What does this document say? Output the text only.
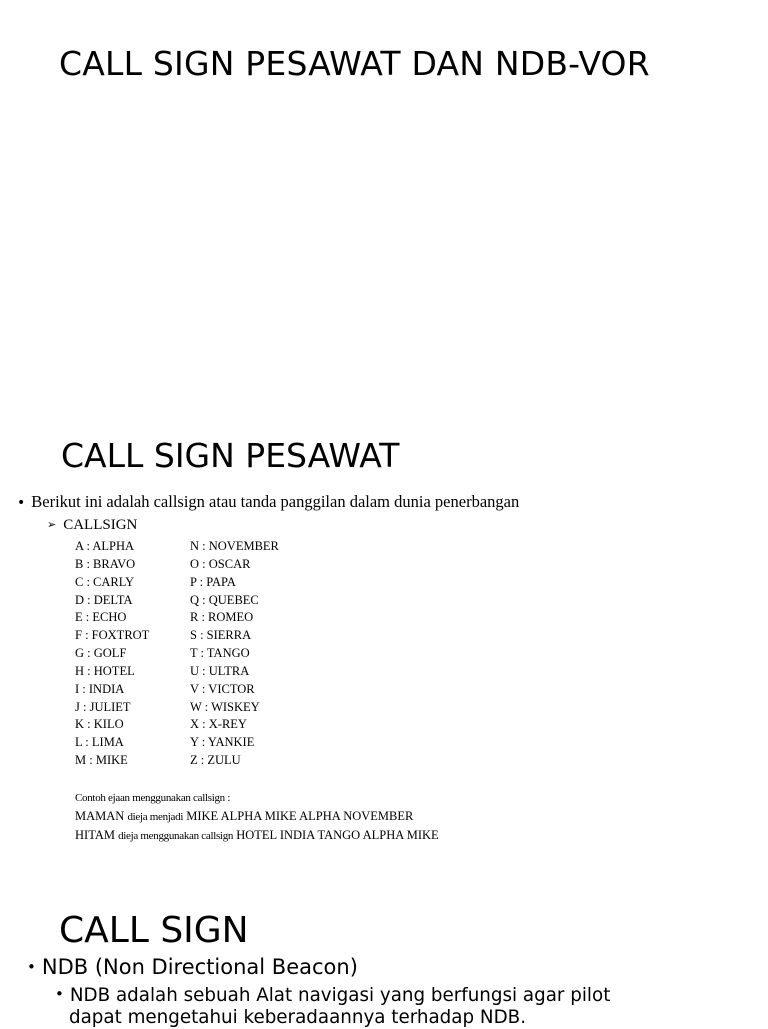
CALL SIGN PESAWAT DAN NDB-VOR
CALL SIGN PESAWAT
• Berikut ini adalah callsign atau tanda panggilan dalam dunia penerbangan
➢ CALLSIGN
A : ALPHA
B : BRAVO
C : CARLY
D : DELTA
E : ECHO
F : FOXTROT
G : GOLF
H : HOTEL
I : INDIA
J : JULIET
K : KILO
L : LIMA
M : MIKE
N : NOVEMBER
O : OSCAR
P : PAPA
Q : QUEBEC
R : ROMEO
S : SIERRA
T : TANGO
U : ULTRA
V : VICTOR
W : WISKEY
X : X-REY
Y : YANKIE
Z : ZULU
Contoh ejaan menggunakan callsign :
MAMAN dieja menjadi MIKE ALPHA MIKE ALPHA NOVEMBER
HITAM dieja menggunakan callsign HOTEL INDIA TANGO ALPHA MIKE
CALL SIGN
• NDB (Non Directional Beacon)
• NDB adalah sebuah Alat navigasi yang berfungsi agar pilot
dapat mengetahui keberadaannya terhadap NDB.
